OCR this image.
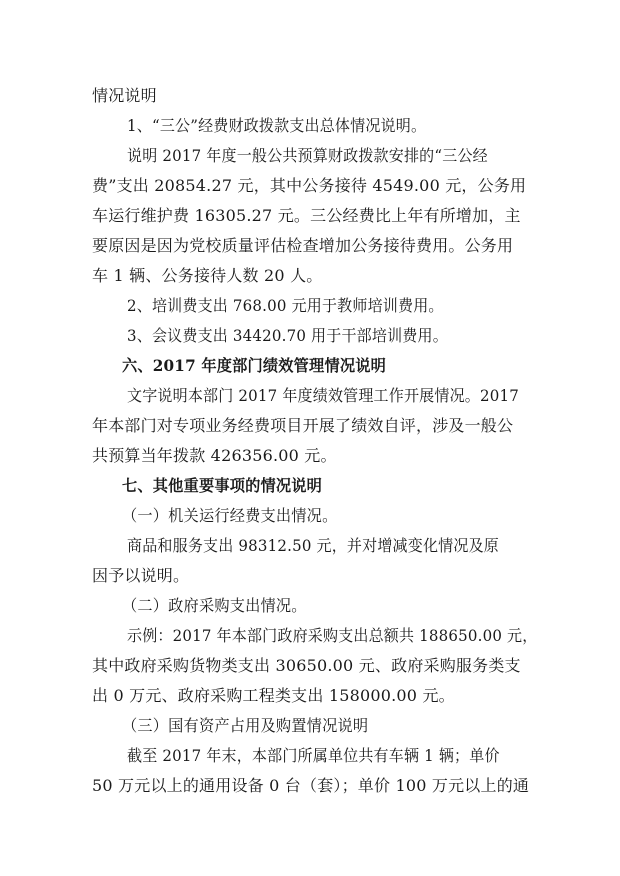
情况说明
1、“三公”经费财政拨款支出总体情况说明。
说明 2017 年度一般公共预算财政拨款安排的“三公经
费”支出 20854.27 元，其中公务接待 4549.00 元，公务用
车运行维护费 16305.27 元。三公经费比上年有所增加，主
要原因是因为党校质量评估检查增加公务接待费用。公务用
车 1 辆、公务接待人数 20 人。
2、培训费支出 768.00 元用于教师培训费用。
3、会议费支出 34420.70 用于干部培训费用。
六、2017 年度部门绩效管理情况说明
文字说明本部门 2017 年度绩效管理工作开展情况。2017
年本部门对专项业务经费项目开展了绩效自评，涉及一般公
共预算当年拨款 426356.00 元。
七、其他重要事项的情况说明
（一）机关运行经费支出情况。
商品和服务支出 98312.50 元，并对增减变化情况及原
因予以说明。
（二）政府采购支出情况。
示例：2017 年本部门政府采购支出总额共 188650.00 元，
其中政府采购货物类支出 30650.00 元、政府采购服务类支
出 0 万元、政府采购工程类支出 158000.00 元。
（三）国有资产占用及购置情况说明
截至 2017 年末，本部门所属单位共有车辆 1 辆；单价
50 万元以上的通用设备 0 台（套）；单价 100 万元以上的通
